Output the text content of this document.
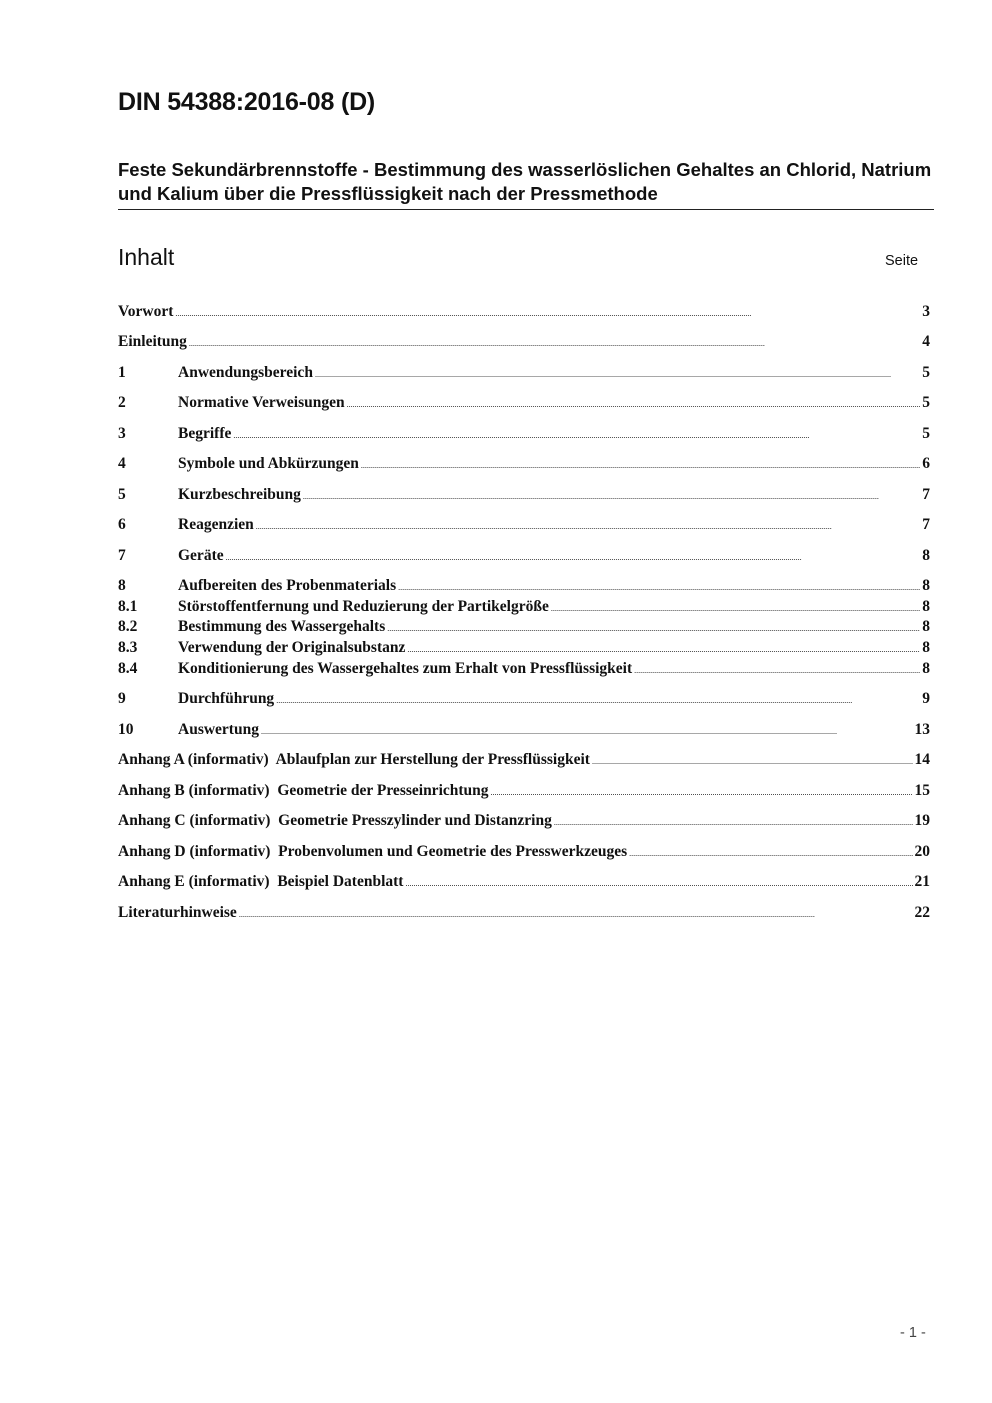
DIN 54388:2016-08 (D)
Feste Sekundärbrennstoffe - Bestimmung des wasserlöslichen Gehaltes an Chlorid, Natrium und Kalium über die Pressflüssigkeit nach der Pressmethode
Inhalt	Seite
Vorwort .....	3
Einleitung .....	4
1	Anwendungsbereich .....	5
2	Normative Verweisungen .....	5
3	Begriffe .....	5
4	Symbole und Abkürzungen .....	6
5	Kurzbeschreibung .....	7
6	Reagenzien .....	7
7	Geräte .....	8
8	Aufbereiten des Probenmaterials .....	8
8.1	Störstoffentfernung und Reduzierung der Partikelgröße .....	8
8.2	Bestimmung des Wassergehalts .....	8
8.3	Verwendung der Originalsubstanz .....	8
8.4	Konditionierung des Wassergehaltes zum Erhalt von Pressflüssigkeit .....	8
9	Durchführung .....	9
10	Auswertung .....	13
Anhang A (informativ)  Ablaufplan zur Herstellung der Pressflüssigkeit .....	14
Anhang B (informativ)  Geometrie der Presseinrichtung .....	15
Anhang C (informativ)  Geometrie Presszylinder und Distanzring .....	19
Anhang D (informativ)  Probenvolumen und Geometrie des Presswerkzeuges .....	20
Anhang E (informativ)  Beispiel Datenblatt .....	21
Literaturhinweise .....	22
- 1 -
